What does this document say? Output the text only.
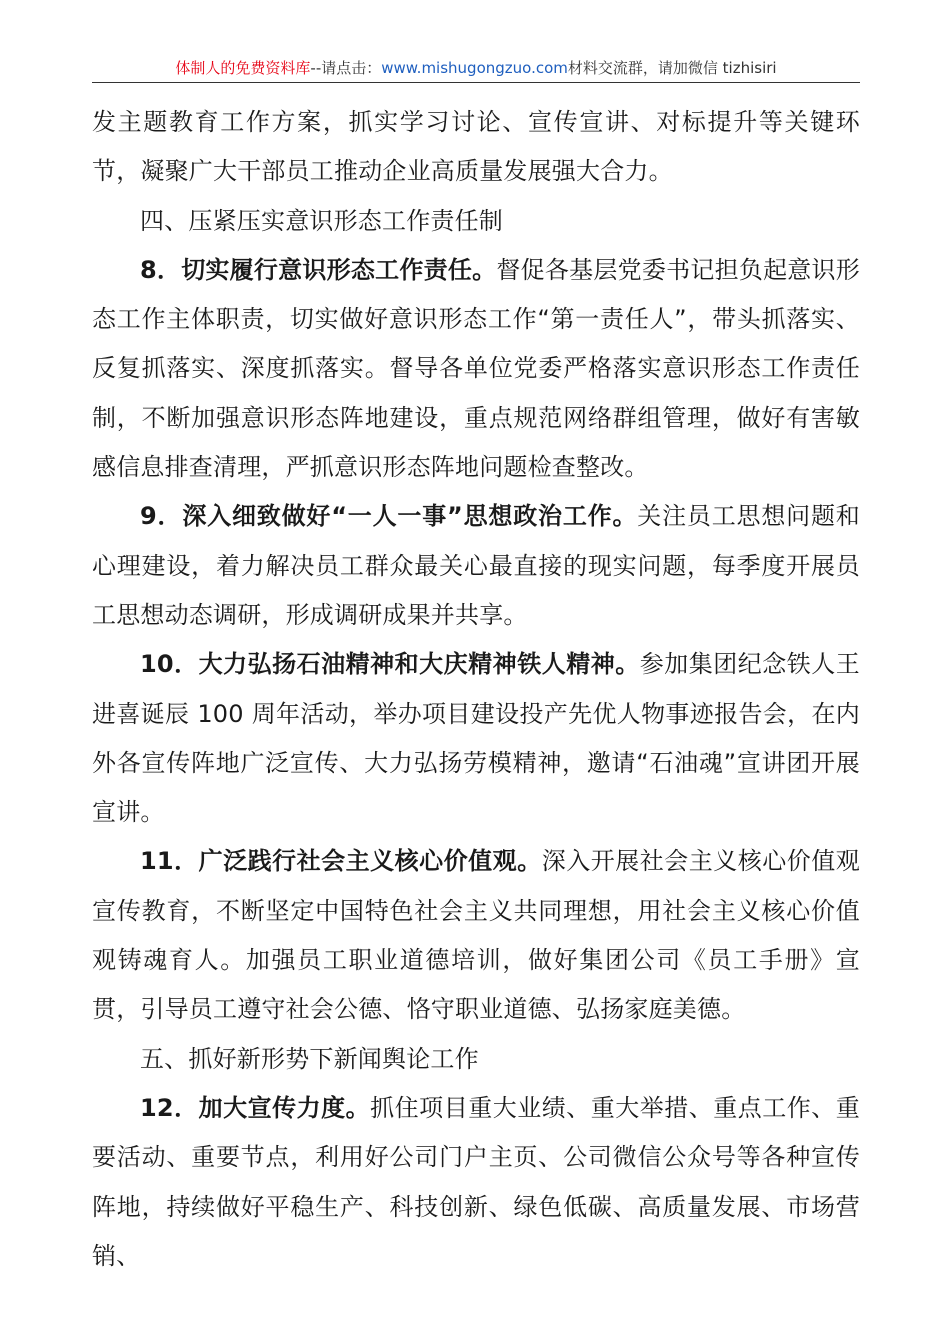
体制人的免费资料库--请点击：www.mishugongzuo.com材料交流群，请加微信 tizhisiri

发主题教育工作方案，抓实学习讨论、宣传宣讲、对标提升等关键环节，凝聚广大干部员工推动企业高质量发展强大合力。

四、压紧压实意识形态工作责任制

8．切实履行意识形态工作责任。督促各基层党委书记担负起意识形态工作主体职责，切实做好意识形态工作“第一责任人”，带头抓落实、反复抓落实、深度抓落实。督导各单位党委严格落实意识形态工作责任制，不断加强意识形态阵地建设，重点规范网络群组管理，做好有害敏感信息排查清理，严抓意识形态阵地问题检查整改。

9．深入细致做好“一人一事”思想政治工作。关注员工思想问题和心理建设，着力解决员工群众最关心最直接的现实问题，每季度开展员工思想动态调研，形成调研成果并共享。

10．大力弘扬石油精神和大庆精神铁人精神。参加集团纪念铁人王进喜诞辰 100 周年活动，举办项目建设投产先优人物事迹报告会，在内外各宣传阵地广泛宣传、大力弘扬劳模精神，邀请“石油魂”宣讲团开展宣讲。

11．广泛践行社会主义核心价值观。深入开展社会主义核心价值观宣传教育，不断坚定中国特色社会主义共同理想，用社会主义核心价值观铸魂育人。加强员工职业道德培训，做好集团公司《员工手册》宣贯，引导员工遵守社会公德、恪守职业道德、弘扬家庭美德。

五、抓好新形势下新闻舆论工作

12．加大宣传力度。抓住项目重大业绩、重大举措、重点工作、重要活动、重要节点，利用好公司门户主页、公司微信公众号等各种宣传阵地，持续做好平稳生产、科技创新、绿色低碳、高质量发展、市场营销、
